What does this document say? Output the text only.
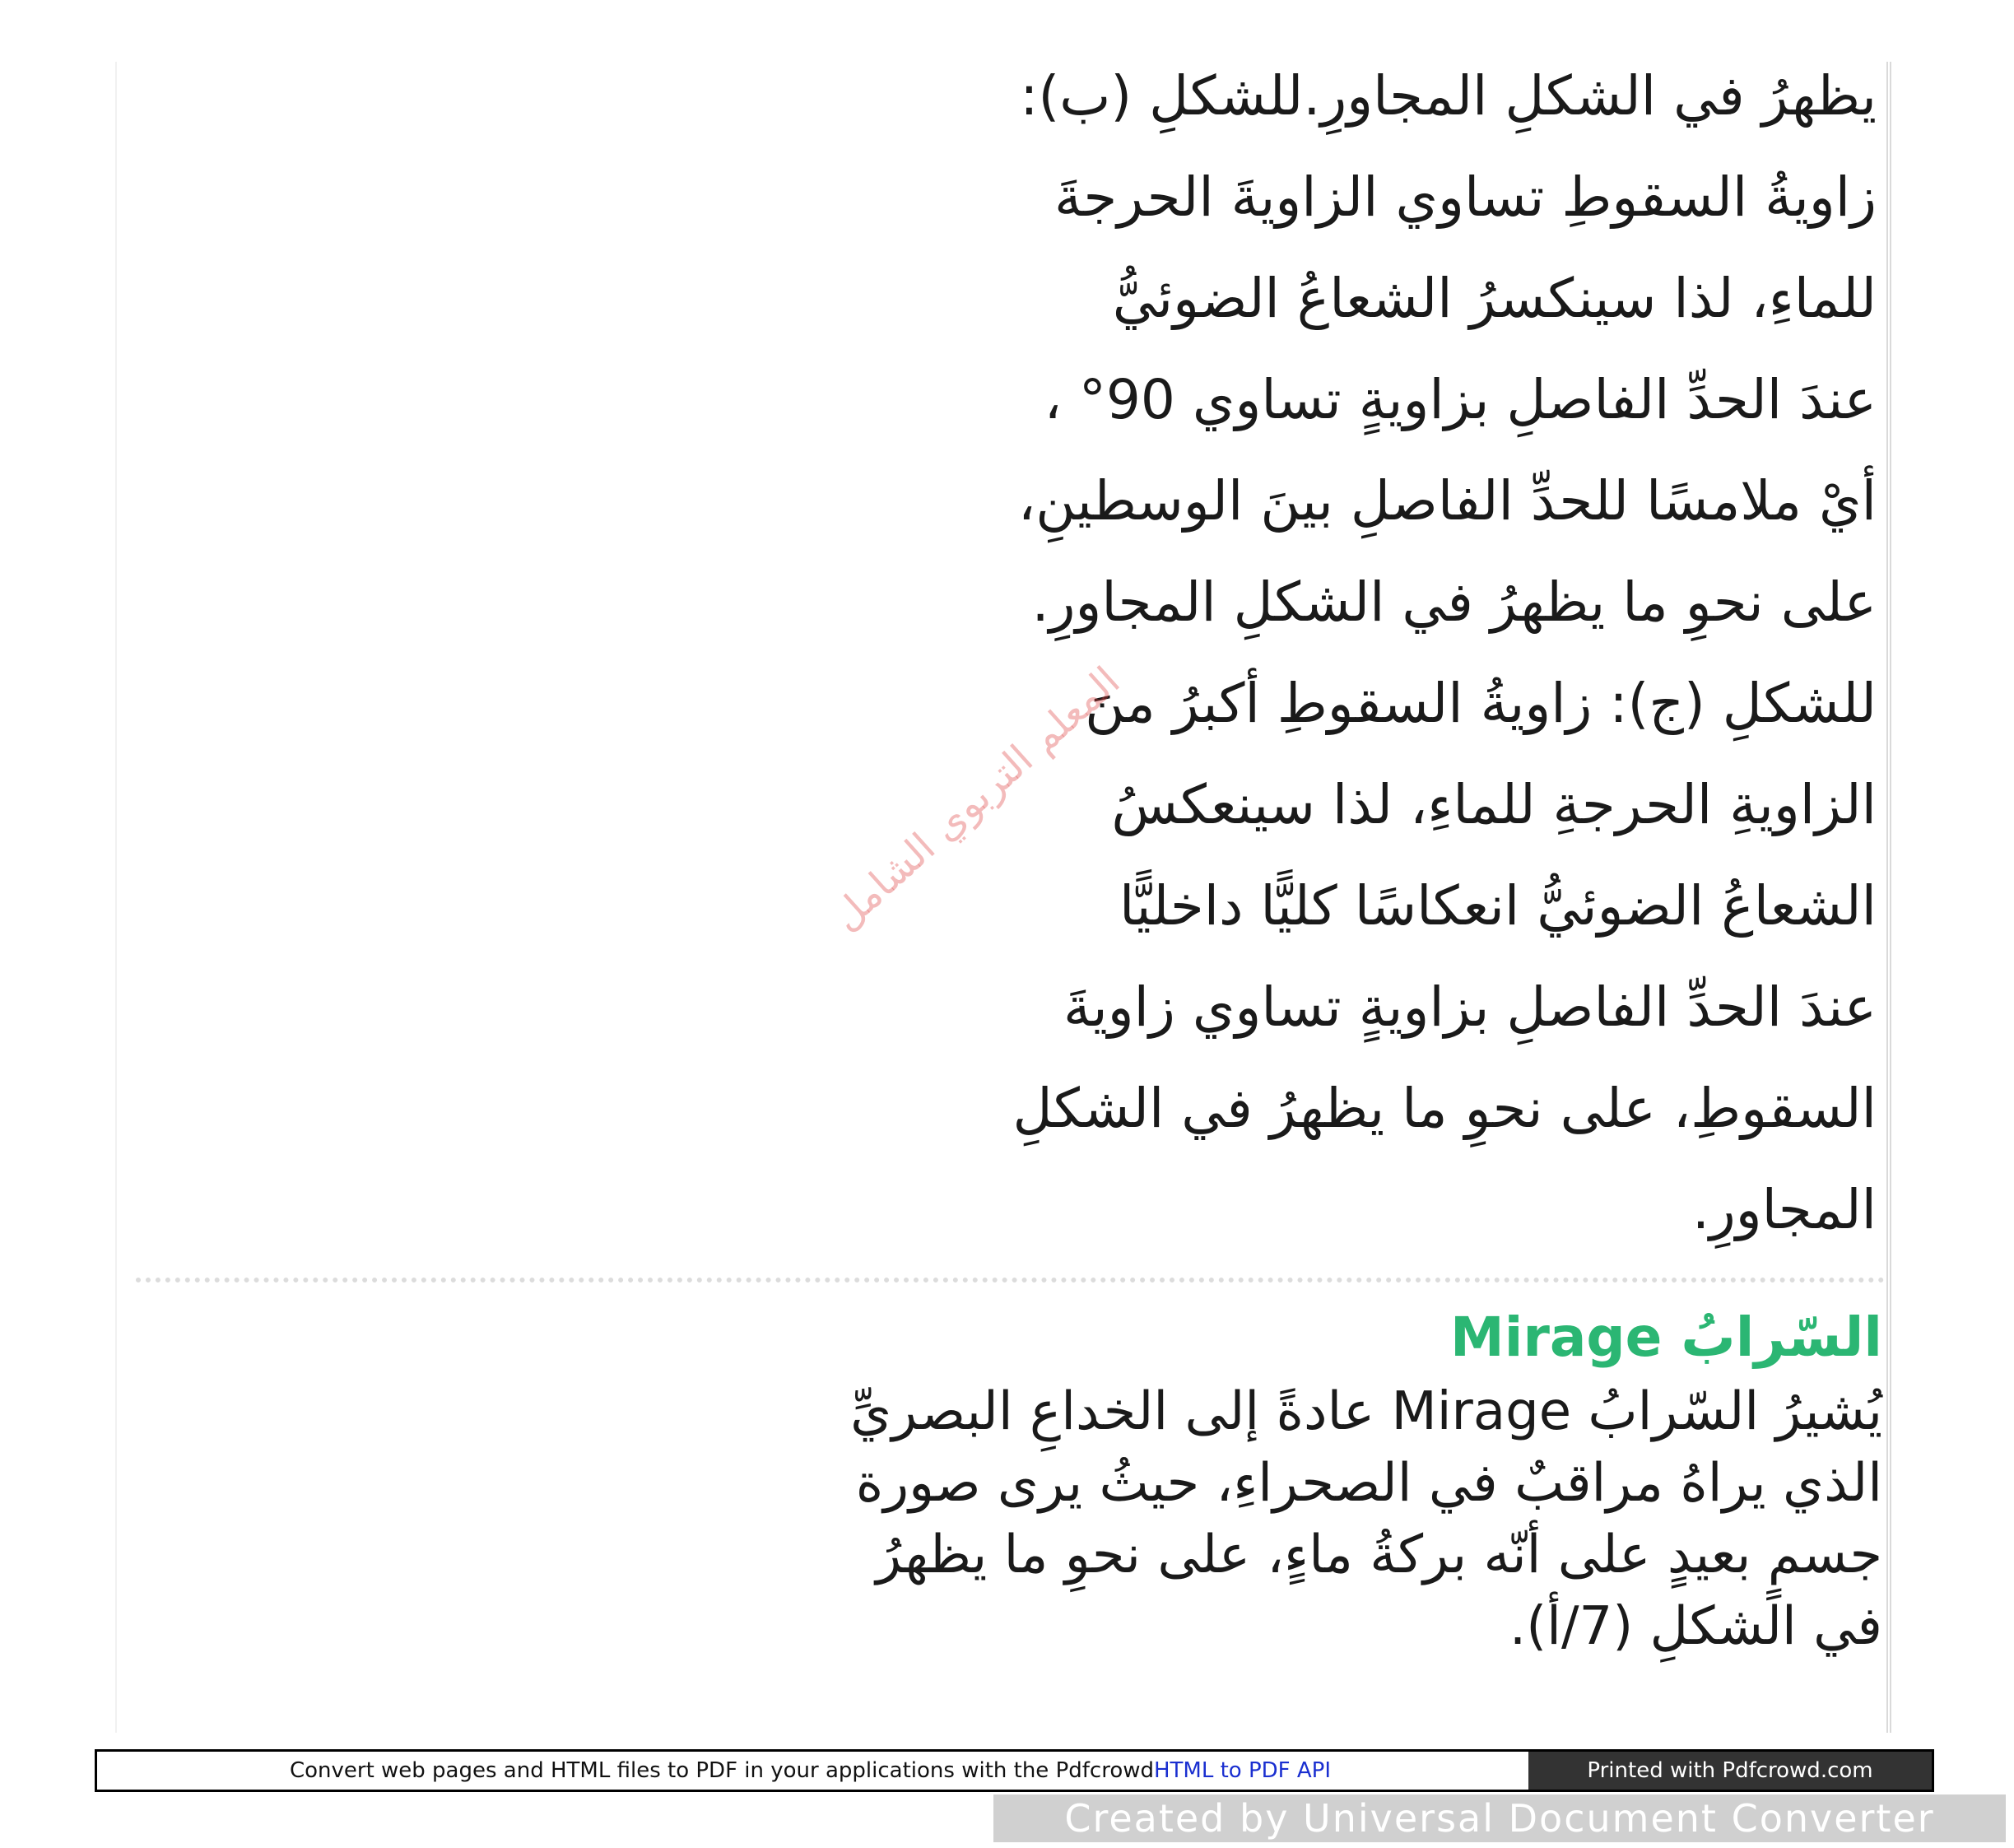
يظهرُ في الشكلِ المجاورِ.للشكلِ (ب):
زاويةُ السقوطِ تساوي الزاويةَ الحرجةَ
للماءِ، لذا سينكسرُ الشعاعُ الضوئيُّ
عندَ الحدِّ الفاصلِ بزاويةٍ تساوي 90° ،
أيْ ملامسًا للحدِّ الفاصلِ بينَ الوسطينِ،
على نحوِ ما يظهرُ في الشكلِ المجاورِ.
للشكلِ (ج): زاويةُ السقوطِ أكبرُ منَ
الزاويةِ الحرجةِ للماءِ، لذا سينعكسُ
الشعاعُ الضوئيُّ انعكاسًا كليًّا داخليًّا
عندَ الحدِّ الفاصلِ بزاويةٍ تساوي زاويةَ
السقوطِ، على نحوِ ما يظهرُ في الشكلِ
المجاورِ.
السّرابُ Mirage
يُشيرُ السّرابُ Mirage عادةً إلى الخداعِ البصريِّ
الذي يراهُ مراقبٌ في الصحراءِ، حيثُ يرى صورة
جسمٍ بعيدٍ على أنّه بركةُ ماءٍ، على نحوِ ما يظهرُ
في الشكلِ (7/أ).
المعلم التربوي الشامل
Convert web pages and HTML files to PDF in your applications with the Pdfcrowd HTML to PDF API	Printed with Pdfcrowd.com
Created by Universal Document Converter
